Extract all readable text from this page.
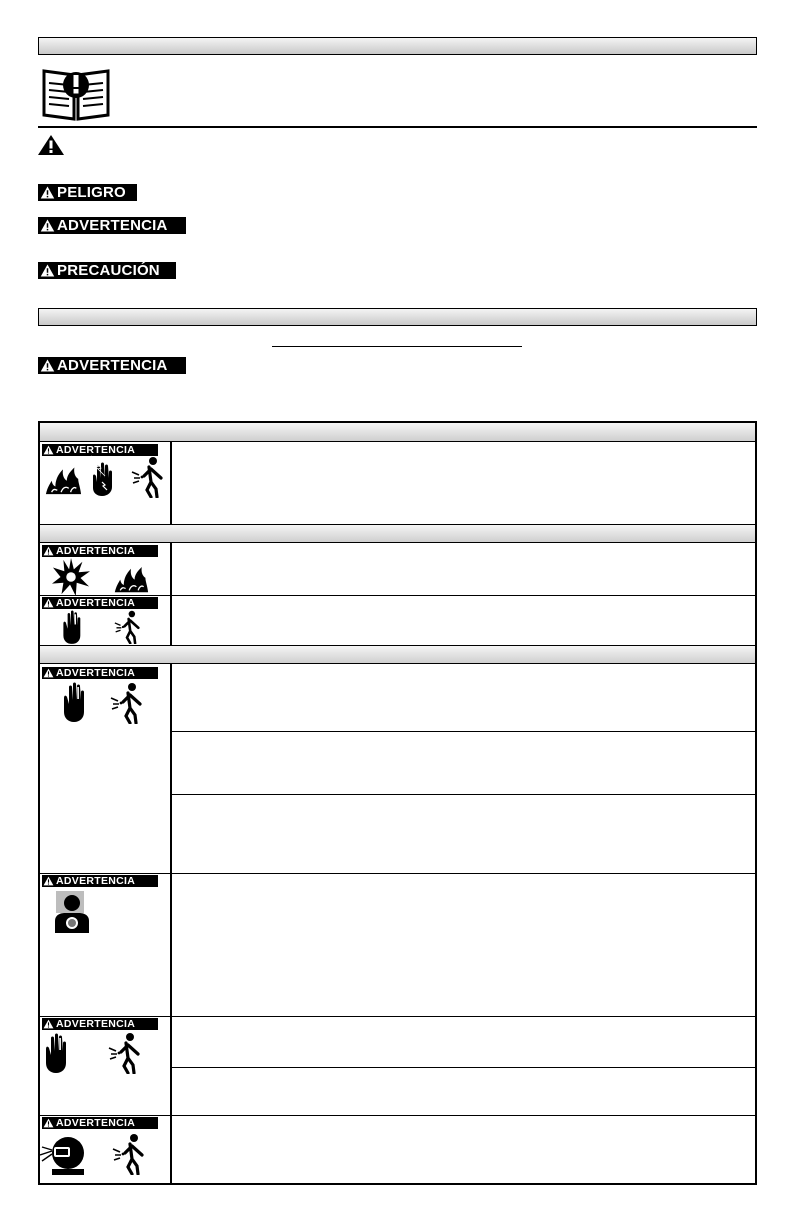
PELIGRO
ADVERTENCIA
PRECAUCIÓN
ADVERTENCIA
ADVERTENCIA
ADVERTENCIA
ADVERTENCIA
ADVERTENCIA
ADVERTENCIA
ADVERTENCIA
ADVERTENCIA
